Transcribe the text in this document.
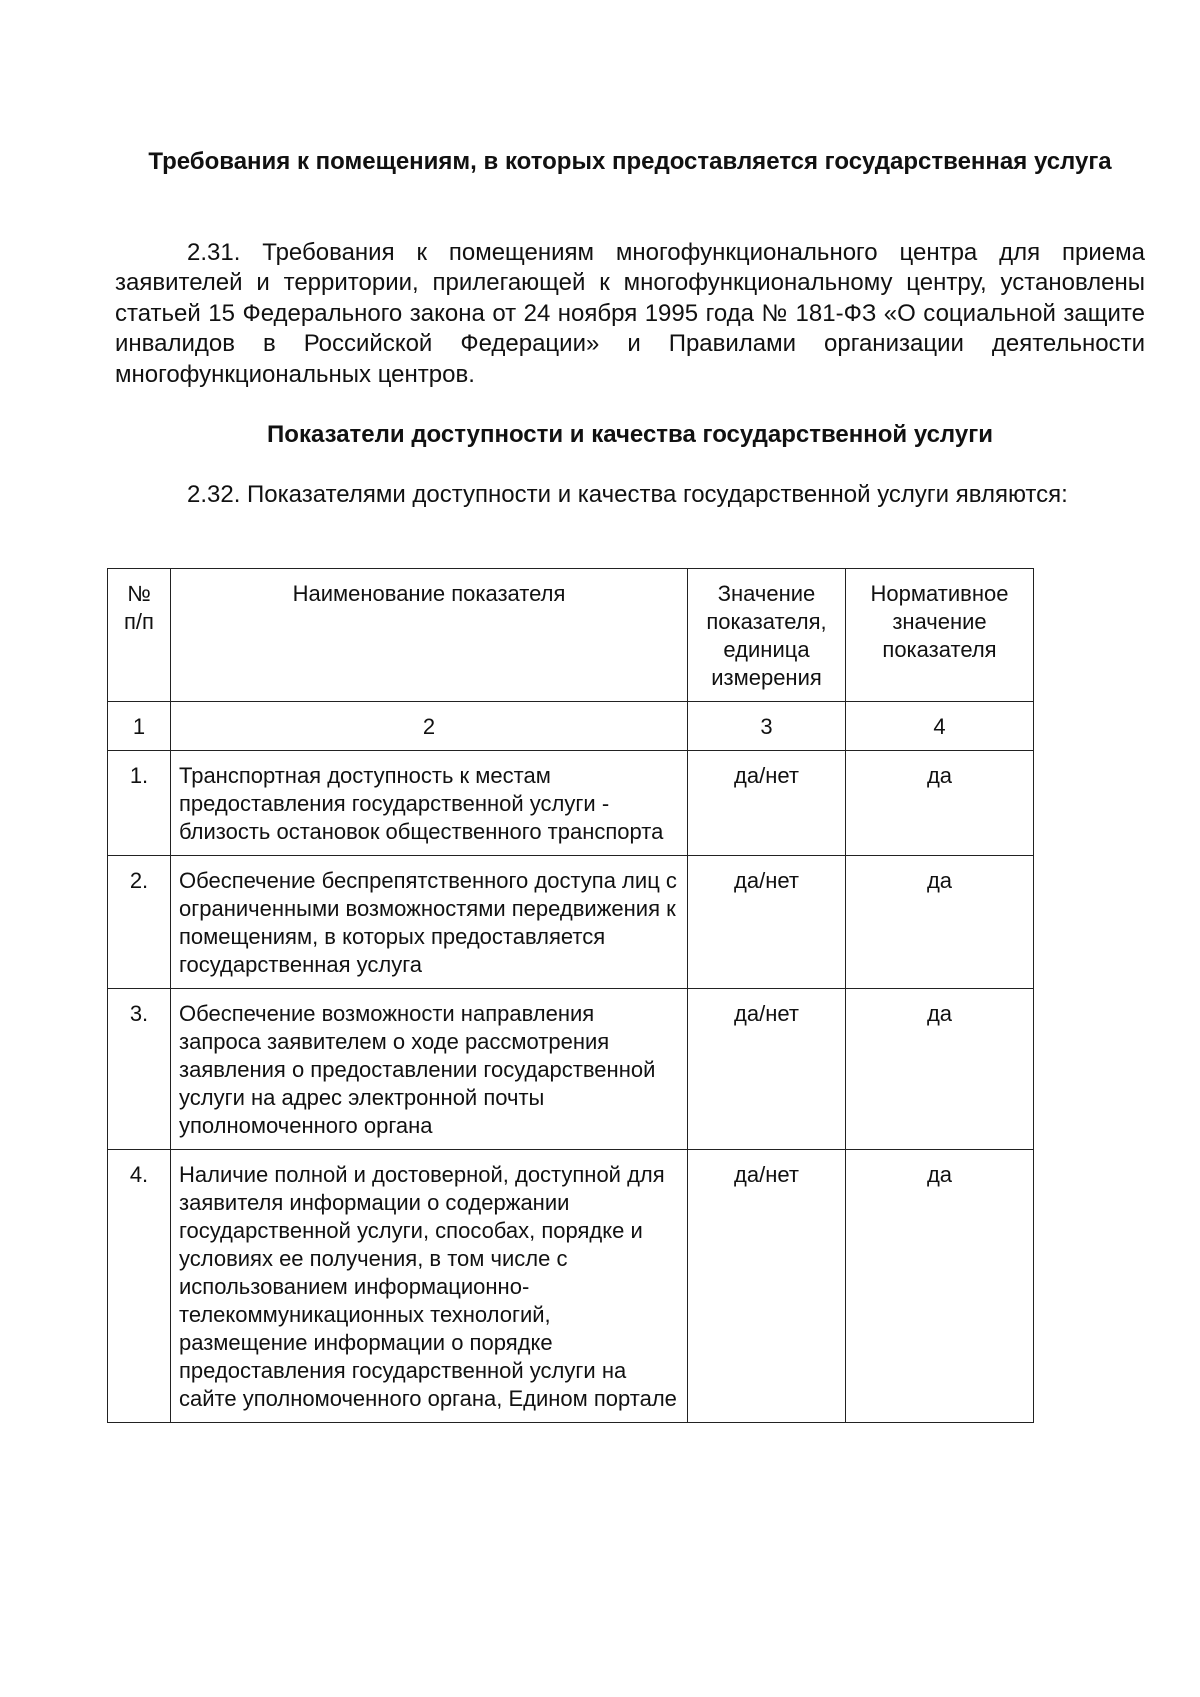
Требования к помещениям, в которых предоставляется государственная услуга

2.31. Требования к помещениям многофункционального центра для приема заявителей и территории, прилегающей к многофункциональному центру, установлены статьей 15 Федерального закона от 24 ноября 1995 года № 181-ФЗ «О социальной защите инвалидов в Российской Федерации» и Правилами организации деятельности многофункциональных центров.

Показатели доступности и качества государственной услуги

2.32. Показателями доступности и качества государственной услуги являются:

№ п/п	Наименование показателя	Значение показателя, единица измерения	Нормативное значение показателя
1	2	3	4
1.	Транспортная доступность к местам предоставления государственной услуги - близость остановок общественного транспорта	да/нет	да
2.	Обеспечение беспрепятственного доступа лиц с ограниченными возможностями передвижения к помещениям, в которых предоставляется государственная услуга	да/нет	да
3.	Обеспечение возможности направления запроса заявителем о ходе рассмотрения заявления о предоставлении государственной услуги на адрес электронной почты уполномоченного органа	да/нет	да
4.	Наличие полной и достоверной, доступной для заявителя информации о содержании государственной услуги, способах, порядке и условиях ее получения, в том числе с использованием информационно-телекоммуникационных технологий, размещение информации о порядке предоставления государственной услуги на сайте уполномоченного органа, Едином портале	да/нет	да
